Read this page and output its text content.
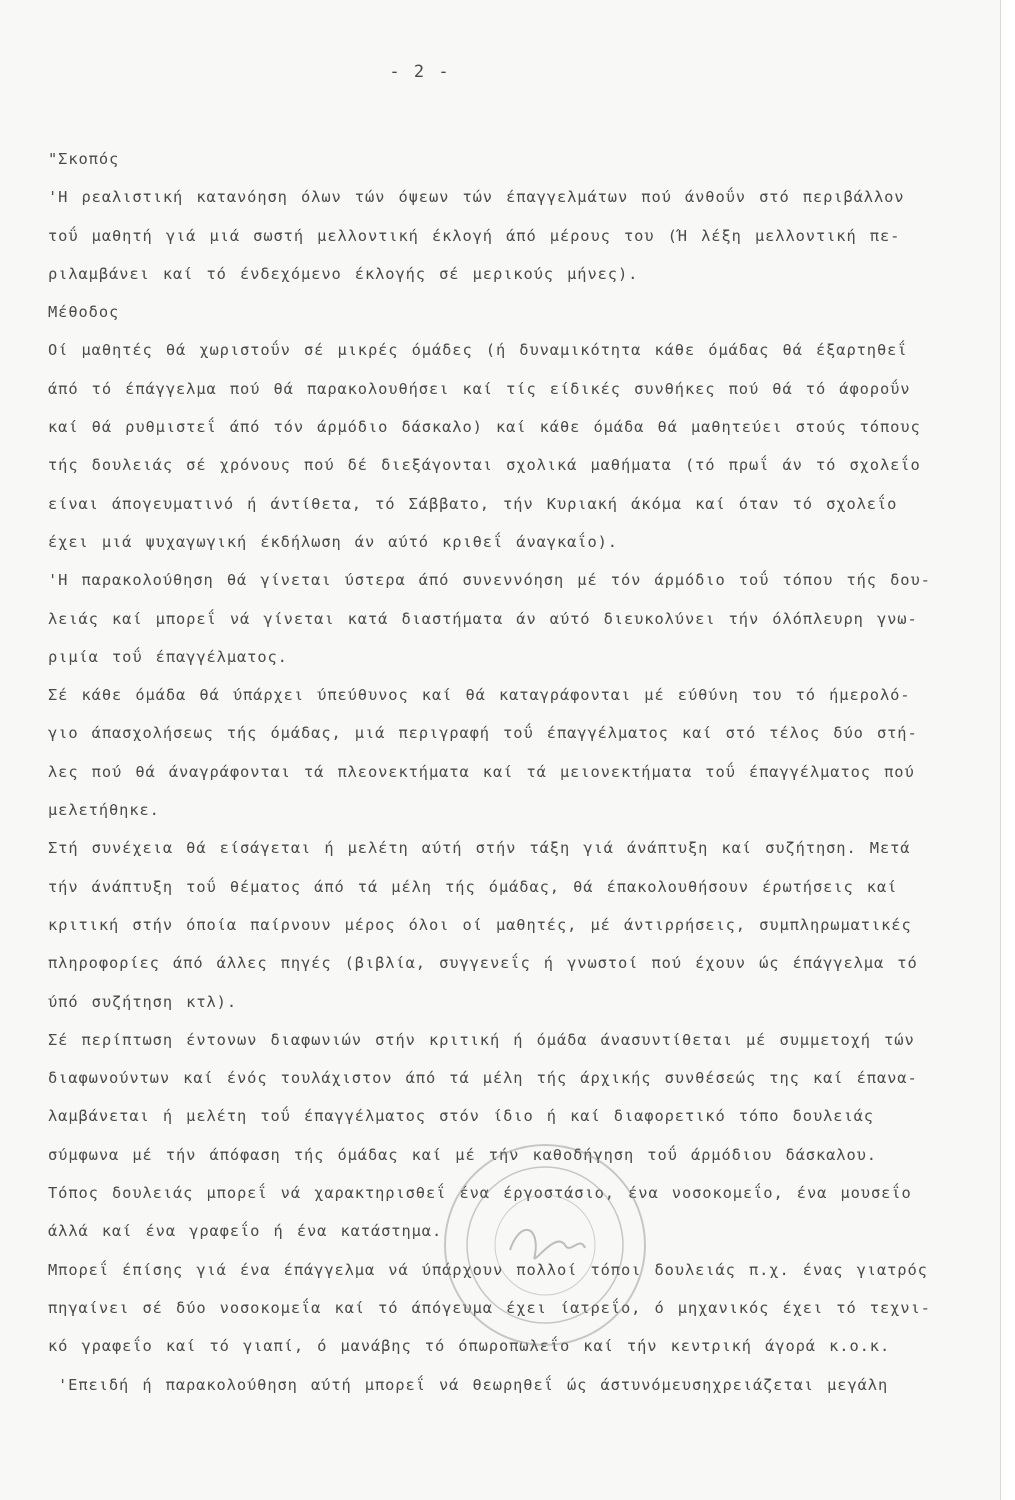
- 2 -
"Σκοπός
'Η ρεαλιστική κατανόηση όλων τών όψεων τών έπαγγελμάτων πού άνθοΰν στό περιβάλλον
τοΰ μαθητή γιά μιά σωστή μελλοντική έκλογή άπό μέρους του (Ή λέξη μελλοντική πε-
ριλαμβάνει καί τό ένδεχόμενο έκλογής σέ μερικούς μήνες).
Μέθοδος
Οί μαθητές θά χωριστοΰν σέ μικρές όμάδες (ή δυναμικότητα κάθε όμάδας θά έξαρτηθεΐ
άπό τό έπάγγελμα πού θά παρακολουθήσει καί τίς είδικές συνθήκες πού θά τό άφοροΰν
καί θά ρυθμιστεΐ άπό τόν άρμόδιο δάσκαλο) καί κάθε όμάδα θά μαθητεύει στούς τόπους
τής δουλειάς σέ χρόνους πού δέ διεξάγονται σχολικά μαθήματα (τό πρωΐ άν τό σχολεΐο
είναι άπογευματινό ή άντίθετα, τό Σάββατο, τήν Κυριακή άκόμα καί όταν τό σχολεΐο
έχει μιά ψυχαγωγική έκδήλωση άν αύτό κριθεΐ άναγκαΐο).
'Η παρακολούθηση θά γίνεται ύστερα άπό συνεννόηση μέ τόν άρμόδιο τοΰ τόπου τής δου-
λειάς καί μπορεΐ νά γίνεται κατά διαστήματα άν αύτό διευκολύνει τήν όλόπλευρη γνω-
ριμία τοΰ έπαγγέλματος.
Σέ κάθε όμάδα θά ύπάρχει ύπεύθυνος καί θά καταγράφονται μέ εύθύνη του τό ήμερολό-
γιο άπασχολήσεως τής όμάδας, μιά περιγραφή τοΰ έπαγγέλματος καί στό τέλος δύο στή-
λες πού θά άναγράφονται τά πλεονεκτήματα καί τά μειονεκτήματα τοΰ έπαγγέλματος πού
μελετήθηκε.
Στή συνέχεια θά είσάγεται ή μελέτη αύτή στήν τάξη γιά άνάπτυξη καί συζήτηση. Μετά
τήν άνάπτυξη τοΰ θέματος άπό τά μέλη τής όμάδας, θά έπακολουθήσουν έρωτήσεις καί
κριτική στήν όποία παίρνουν μέρος όλοι οί μαθητές, μέ άντιρρήσεις, συμπληρωματικές
πληροφορίες άπό άλλες πηγές (βιβλία, συγγενεΐς ή γνωστοί πού έχουν ώς έπάγγελμα τό
ύπό συζήτηση κτλ).
Σέ περίπτωση έντονων διαφωνιών στήν κριτική ή όμάδα άνασυντίθεται μέ συμμετοχή τών
διαφωνούντων καί ένός τουλάχιστον άπό τά μέλη τής άρχικής συνθέσεώς της καί έπανα-
λαμβάνεται ή μελέτη τοΰ έπαγγέλματος στόν ίδιο ή καί διαφορετικό τόπο δουλειάς
σύμφωνα μέ τήν άπόφαση τής όμάδας καί μέ τήν καθοδήγηση τοΰ άρμόδιου δάσκαλου.
Τόπος δουλειάς μπορεΐ νά χαρακτηρισθεΐ ένα έργοστάσιο, ένα νοσοκομεΐο, ένα μουσεΐο
άλλά καί ένα γραφεΐο ή ένα κατάστημα.
Μπορεΐ έπίσης γιά ένα έπάγγελμα νά ύπάρχουν πολλοί τόποι δουλειάς π.χ. ένας γιατρός
πηγαίνει σέ δύο νοσοκομεΐα καί τό άπόγευμα έχει ίατρεΐο, ό μηχανικός έχει τό τεχνι-
κό γραφεΐο καί τό γιαπί, ό μανάβης τό όπωροπωλεΐο καί τήν κεντρική άγορά κ.ο.κ.
'Επειδή ή παρακολούθηση αύτή μπορεΐ νά θεωρηθεΐ ώς άστυνόμευσηχρειάζεται μεγάλη
